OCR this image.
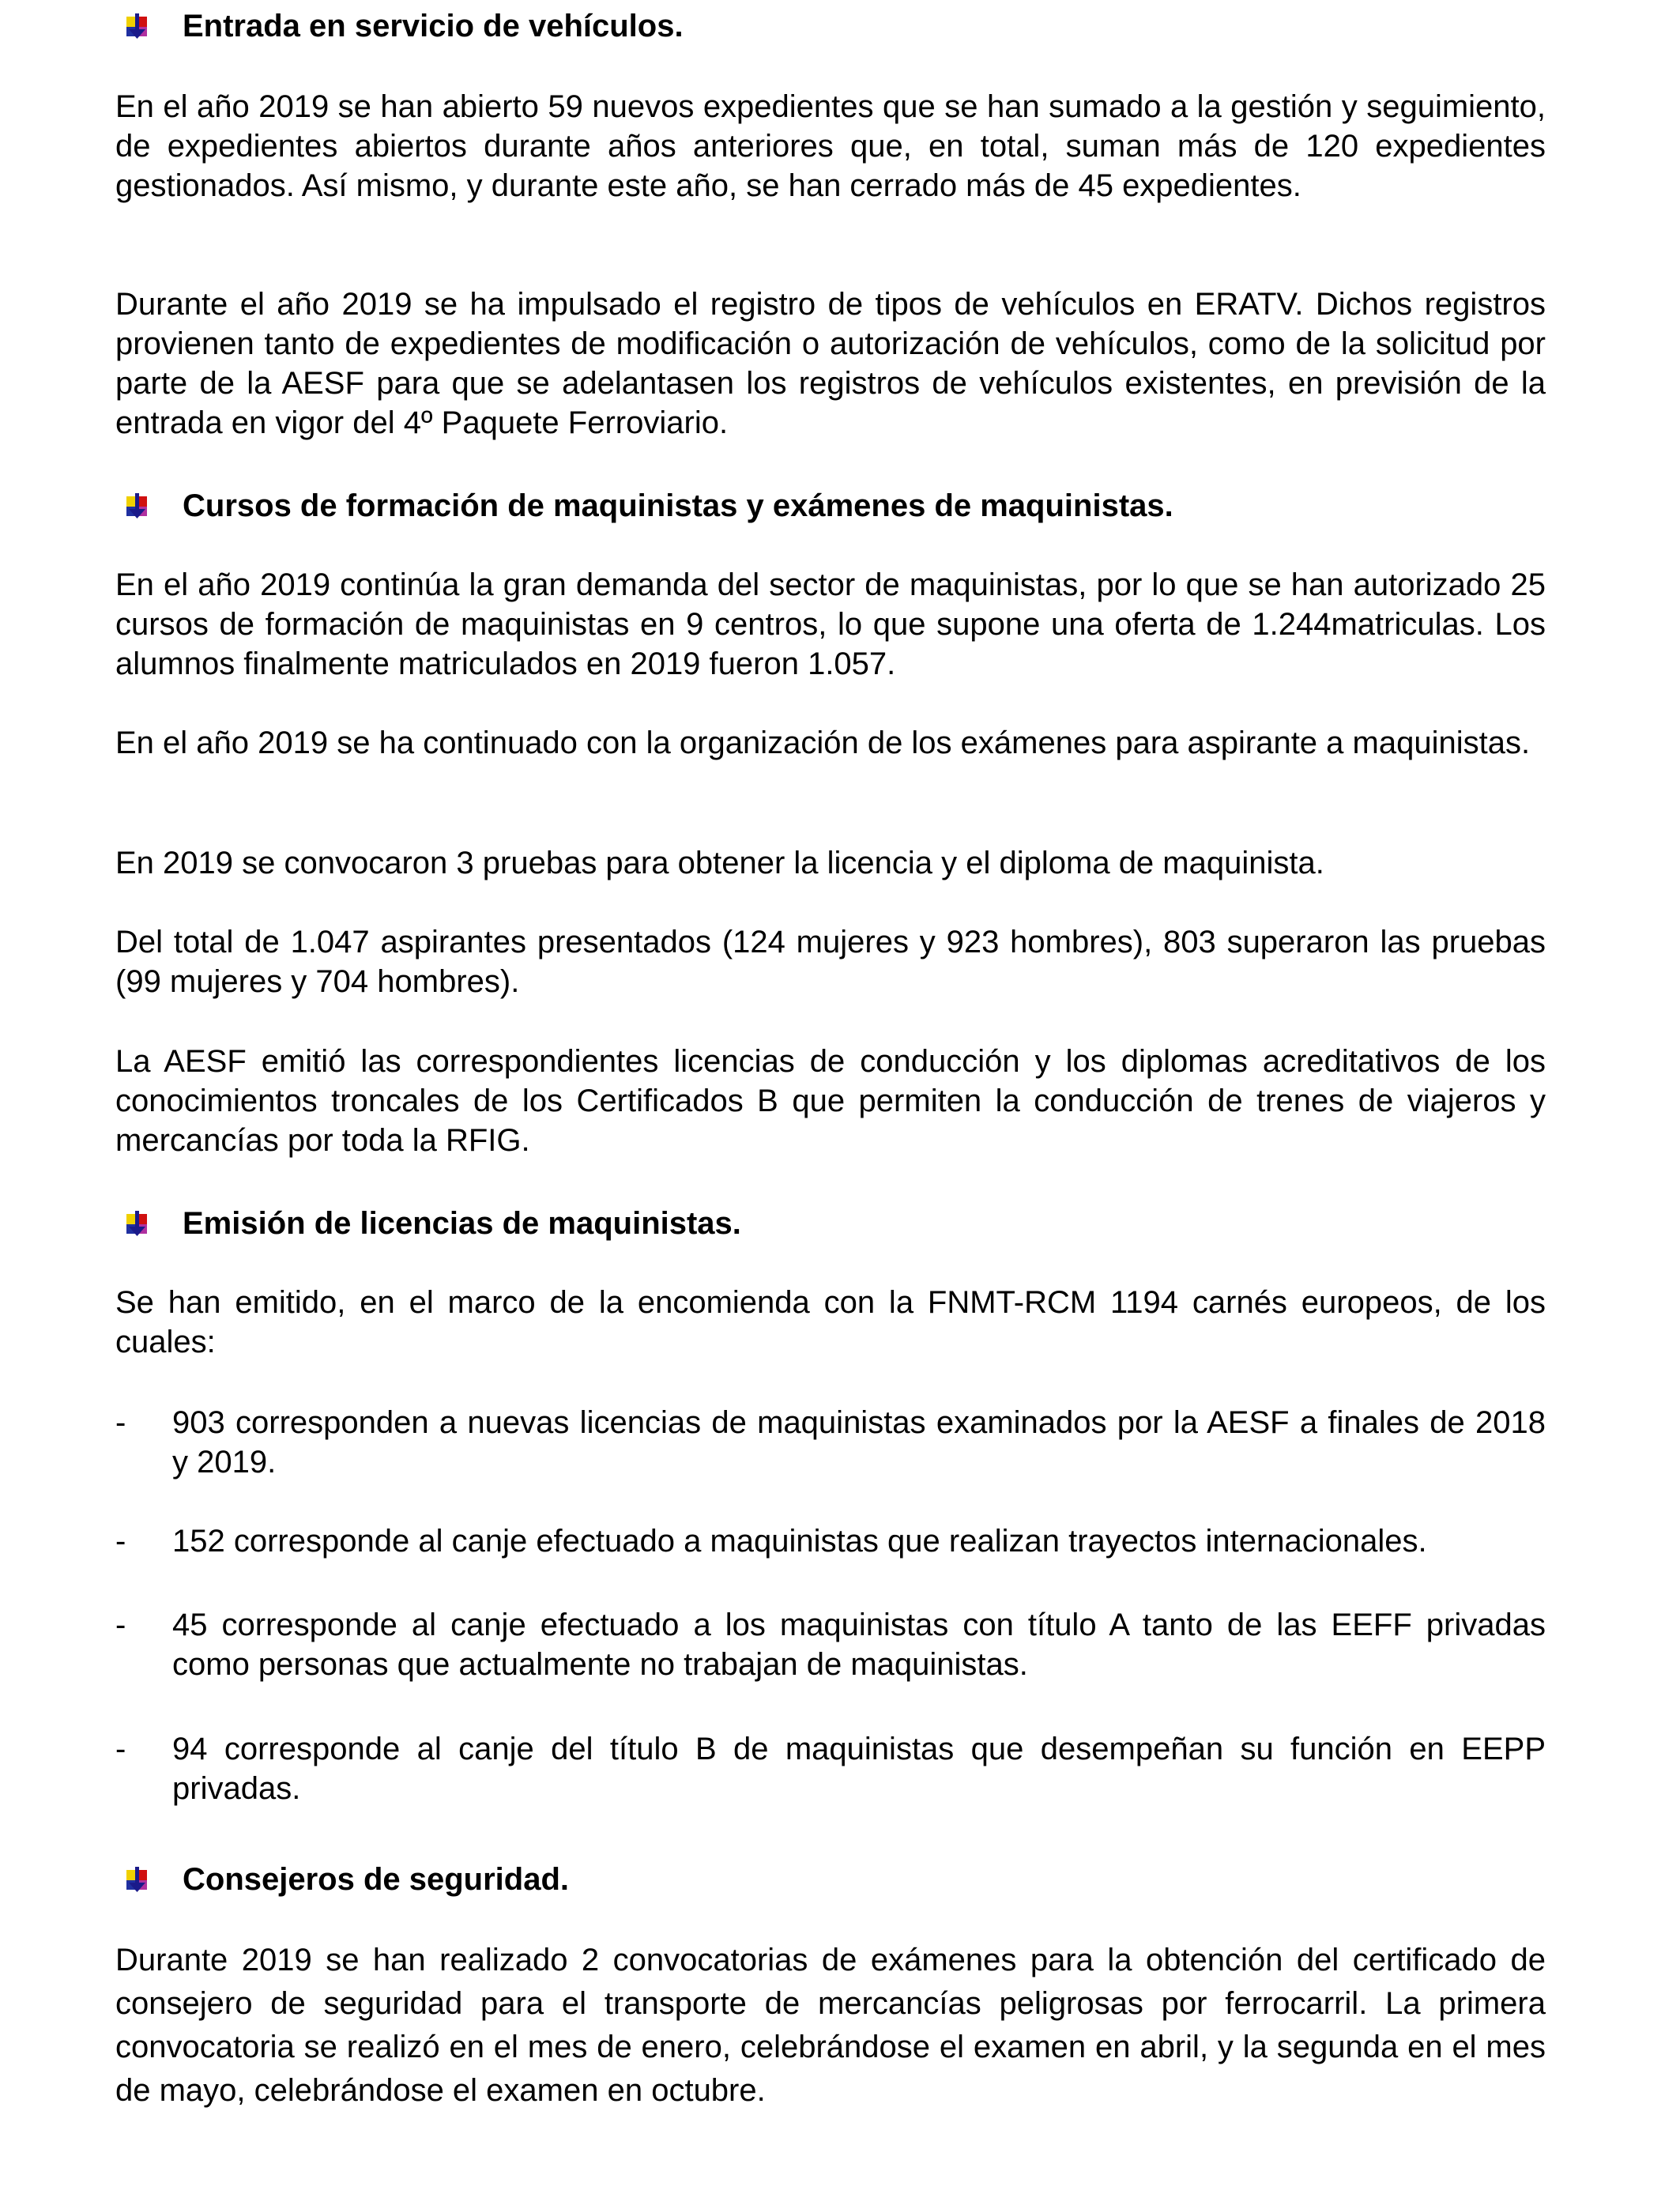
Entrada en servicio de vehículos.

En el año 2019 se han abierto 59 nuevos expedientes que se han sumado a la gestión y seguimiento, de expedientes abiertos durante años anteriores que, en total, suman más de 120 expedientes gestionados. Así mismo, y durante este año, se han cerrado más de 45 expedientes.

Durante el año 2019 se ha impulsado el registro de tipos de vehículos en ERATV. Dichos registros provienen tanto de expedientes de modificación o autorización de vehículos, como de la solicitud por parte de la AESF para que se adelantasen los registros de vehículos existentes, en previsión de la entrada en vigor del 4º Paquete Ferroviario.

Cursos de formación de maquinistas y exámenes de maquinistas.

En el año 2019 continúa la gran demanda del sector de maquinistas, por lo que se han autorizado 25 cursos de formación de maquinistas en 9 centros, lo que supone una oferta de 1.244matriculas. Los alumnos finalmente matriculados en 2019 fueron 1.057.

En el año 2019 se ha continuado con la organización de los exámenes para aspirante a maquinistas.

En 2019 se convocaron 3 pruebas para obtener la licencia y el diploma de maquinista.

Del total de 1.047 aspirantes presentados (124 mujeres y 923 hombres), 803 superaron las pruebas (99 mujeres y 704 hombres).

La AESF emitió las correspondientes licencias de conducción y los diplomas acreditativos de los conocimientos troncales de los Certificados B que permiten la conducción de trenes de viajeros y mercancías por toda la RFIG.

Emisión de licencias de maquinistas.

Se han emitido, en el marco de la encomienda con la FNMT-RCM 1194 carnés europeos, de los cuales:

- 903 corresponden a nuevas licencias de maquinistas examinados por la AESF a finales de 2018 y 2019.
- 152 corresponde al canje efectuado a maquinistas que realizan trayectos internacionales.
- 45 corresponde al canje efectuado a los maquinistas con título A tanto de las EEFF privadas como personas que actualmente no trabajan de maquinistas.
- 94 corresponde al canje del título B de maquinistas que desempeñan su función en EEPP privadas.
Consejeros de seguridad.

Durante 2019 se han realizado 2 convocatorias de exámenes para la obtención del certificado de consejero de seguridad para el transporte de mercancías peligrosas por ferrocarril. La primera convocatoria se realizó en el mes de enero, celebrándose el examen en abril, y la segunda en el mes de mayo, celebrándose el examen en octubre.
